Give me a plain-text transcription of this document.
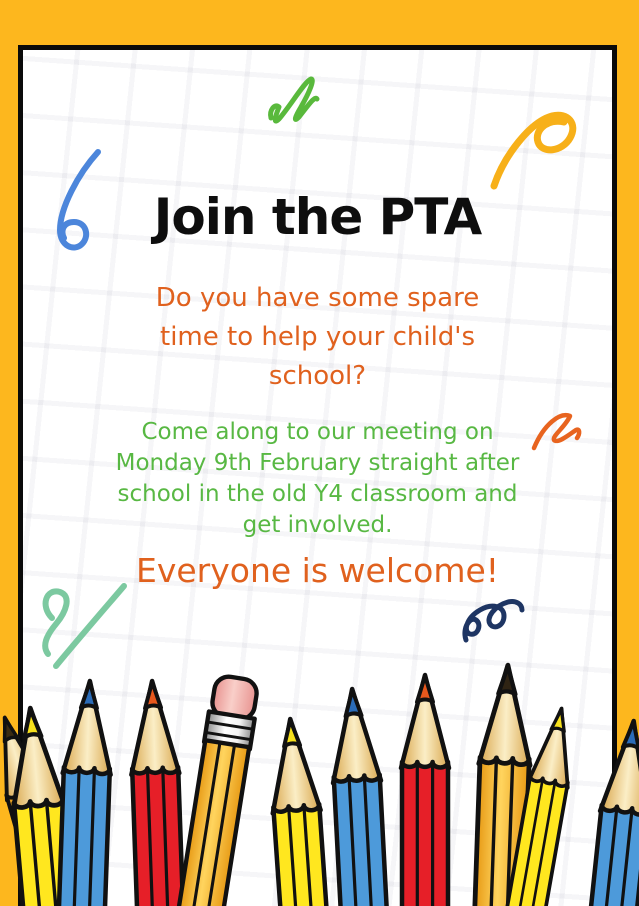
Join the PTA
Do you have some spare
time to help your child's
school?
Come along to our meeting on
Monday 9th February straight after
school in the old Y4 classroom and
get involved.
Everyone is welcome!
